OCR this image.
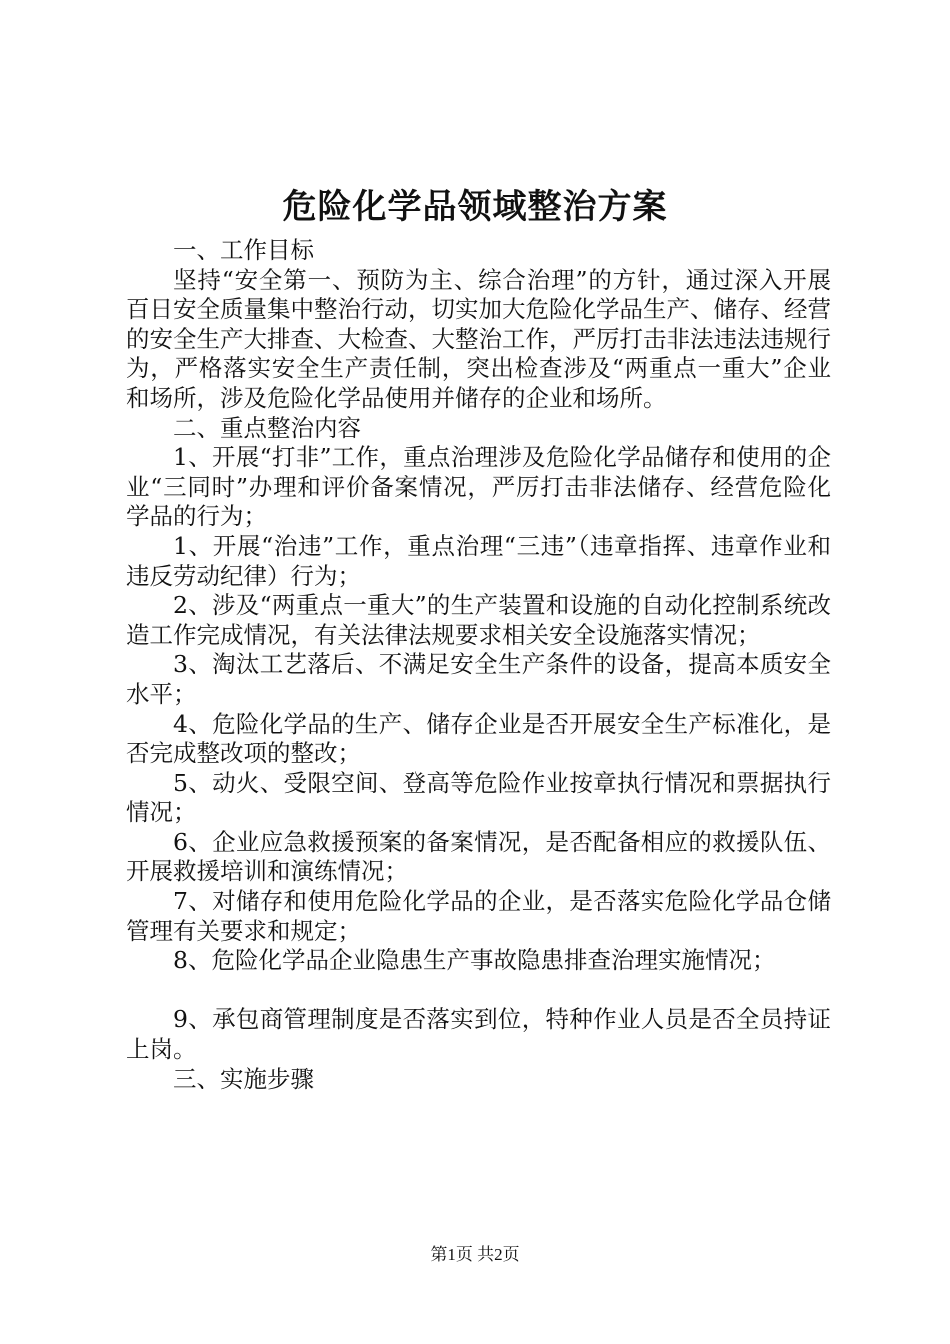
危险化学品领域整治方案

一、工作目标

坚持“安全第一、预防为主、综合治理”的方针，通过深入开展百日安全质量集中整治行动，切实加大危险化学品生产、储存、经营的安全生产大排查、大检查、大整治工作，严厉打击非法违法违规行为，严格落实安全生产责任制，突出检查涉及“两重点一重大”企业和场所，涉及危险化学品使用并储存的企业和场所。

二、重点整治内容

1、开展“打非”工作，重点治理涉及危险化学品储存和使用的企业“三同时”办理和评价备案情况，严厉打击非法储存、经营危险化学品的行为；

1、开展“治违”工作，重点治理“三违”（违章指挥、违章作业和违反劳动纪律）行为；

2、涉及“两重点一重大”的生产装置和设施的自动化控制系统改造工作完成情况，有关法律法规要求相关安全设施落实情况；

3、淘汰工艺落后、不满足安全生产条件的设备，提高本质安全水平；

4、危险化学品的生产、储存企业是否开展安全生产标准化，是否完成整改项的整改；

5、动火、受限空间、登高等危险作业按章执行情况和票据执行情况；

6、企业应急救援预案的备案情况，是否配备相应的救援队伍、开展救援培训和演练情况；

7、对储存和使用危险化学品的企业，是否落实危险化学品仓储管理有关要求和规定；

8、危险化学品企业隐患生产事故隐患排查治理实施情况；

9、承包商管理制度是否落实到位，特种作业人员是否全员持证上岗。

三、实施步骤

第1页 共2页
